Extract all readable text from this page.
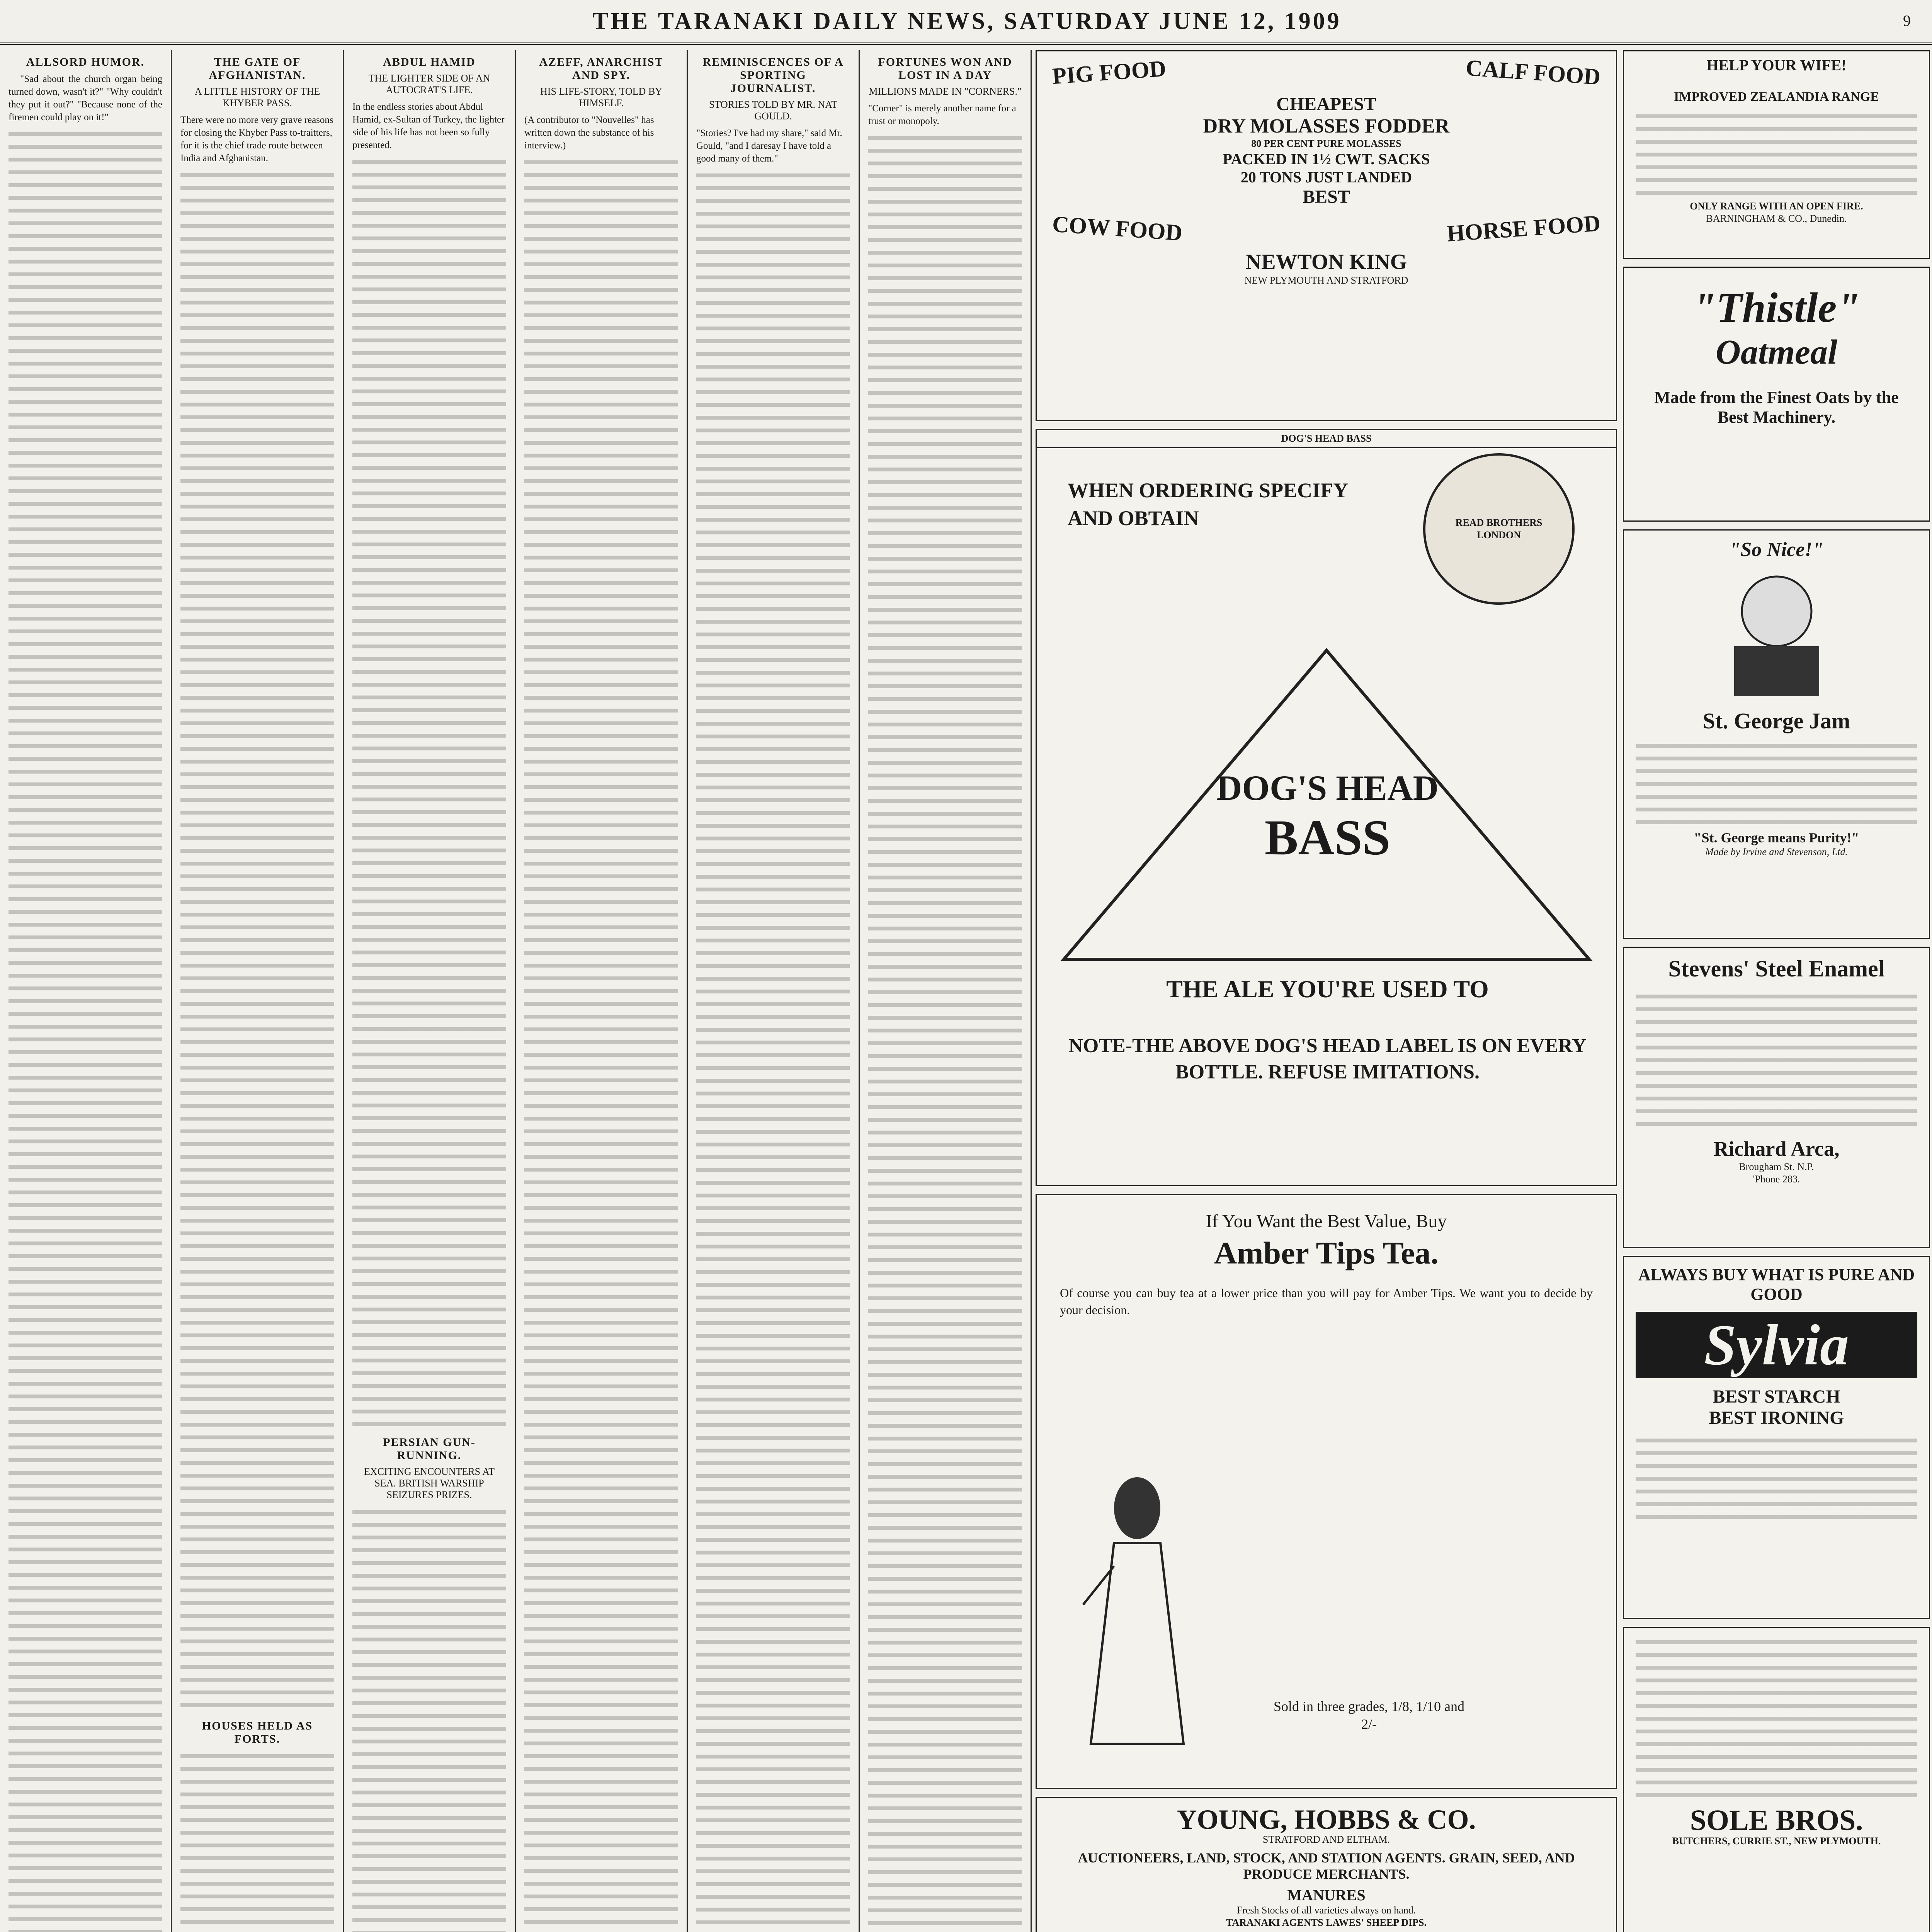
THE TARANAKI DAILY NEWS, SATURDAY JUNE 12, 1909	9
ALLSORD HUMOR.

"Sad about the church organ being turned down, wasn't it?" "Why couldn't they put it out?" "Because none of the firemen could play on it!"

THE GATE OF AFGHANISTAN.
A LITTLE HISTORY OF THE KHYBER PASS.

There were no more very grave reasons for closing the Khyber Pass to-traitters, for it is the chief trade route between India and Afghanistan.

HOUSES HELD AS FORTS.
ABDUL HAMID
THE LIGHTER SIDE OF AN AUTOCRAT'S LIFE.

In the endless stories about Abdul Hamid, ex-Sultan of Turkey, the lighter side of his life has not been so fully presented.

PERSIAN GUN-RUNNING.
EXCITING ENCOUNTERS AT SEA. BRITISH WARSHIP SEIZURES PRIZES.
AZEFF, ANARCHIST AND SPY.
HIS LIFE-STORY, TOLD BY HIMSELF.

(A contributor to "Nouvelles" has written down the substance of his interview.)

REMINISCENCES OF A SPORTING JOURNALIST.
STORIES TOLD BY MR. NAT GOULD.

"Stories? I've had my share," said Mr. Gould, "and I daresay I have told a good many of them."

FORTUNES WON AND LOST IN A DAY
MILLIONS MADE IN "CORNERS."

"Corner" is merely another name for a trust or monopoly.

PIG FOOD	CALF FOOD
CHEAPEST
DRY MOLASSES FODDER
80 PER CENT PURE MOLASSES
PACKED IN 1½ CWT. SACKS
20 TONS JUST LANDED
BEST
COW FOOD	HORSE FOOD
NEWTON KING
NEW PLYMOUTH AND STRATFORD
DOG'S HEAD BASS
READ BROTHERS LONDON
WHEN ORDERING SPECIFY AND OBTAIN
DOG'S HEAD
BASS
THE ALE YOU'RE USED TO
NOTE-THE ABOVE DOG'S HEAD LABEL IS ON EVERY BOTTLE. REFUSE IMITATIONS.
If You Want the Best Value, Buy
Amber Tips Tea.
Of course you can buy tea at a lower price than you will pay for Amber Tips. We want you to decide by your decision.
Sold in three grades, 1/8, 1/10 and 2/-
YOUNG, HOBBS & CO.
STRATFORD AND ELTHAM.
AUCTIONEERS, LAND, STOCK, AND STATION AGENTS. GRAIN, SEED, AND PRODUCE MERCHANTS.
MANURES
Fresh Stocks of all varieties always on hand.
TARANAKI AGENTS LAWES' SHEEP DIPS.
HELP YOUR WIFE!
IMPROVED ZEALANDIA RANGE
ONLY RANGE WITH AN OPEN FIRE.
BARNINGHAM & CO., Dunedin.
"Thistle"
Oatmeal
Made from the Finest Oats by the Best Machinery.
"So Nice!"
St. George Jam
"St. George means Purity!"
Made by Irvine and Stevenson, Ltd.
Stevens' Steel Enamel
Richard Arca,
Brougham St. N.P.
'Phone 283.
ALWAYS BUY WHAT IS PURE AND GOOD
Sylvia
BEST STARCH
BEST IRONING
SOLE BROS.
BUTCHERS, CURRIE ST., NEW PLYMOUTH.
